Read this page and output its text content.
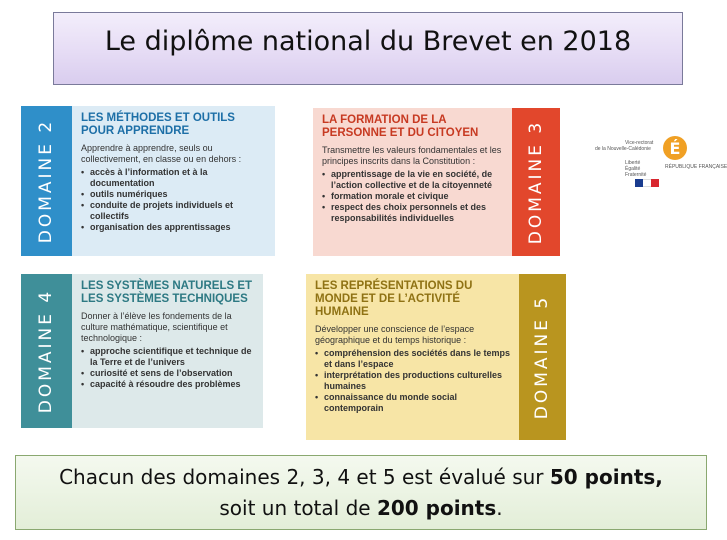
Le diplôme national du Brevet en 2018
DOMAINE 2
LES MÉTHODES ET OUTILS POUR APPRENDRE
Apprendre à apprendre, seuls ou collectivement, en classe ou en dehors :
• accès à l’information et à la documentation
• outils numériques
• conduite de projets individuels et collectifs
• organisation des apprentissages
LA FORMATION DE LA PERSONNE ET DU CITOYEN
Transmettre les valeurs fondamentales et les principes inscrits dans la Constitution :
• apprentissage de la vie en société, de l’action collective et de la citoyenneté
• formation morale et civique
• respect des choix personnels et des responsabilités individuelles	DOMAINE 3
DOMAINE 4
LES SYSTÈMES NATURELS ET LES SYSTÈMES TECHNIQUES
Donner à l’élève les fondements de la culture mathématique, scientifique et technologique :
• approche scientifique et technique de la Terre et de l’univers
• curiosité et sens de l’observation
• capacité à résoudre des problèmes
LES REPRÉSENTATIONS DU MONDE ET DE L’ACTIVITÉ HUMAINE
Développer une conscience de l’espace géographique et du temps historique :
• compréhension des sociétés dans le temps et dans l’espace
• interprétation des productions culturelles humaines
• connaissance du monde social contemporain	DOMAINE 5
Vice-rectorat
de la Nouvelle-Calédonie
Liberté
Égalité
Fraternité
É
RÉPUBLIQUE FRANÇAISE
Chacun des domaines 2, 3, 4 et 5 est évalué sur 50 points,
soit un total de 200 points.
